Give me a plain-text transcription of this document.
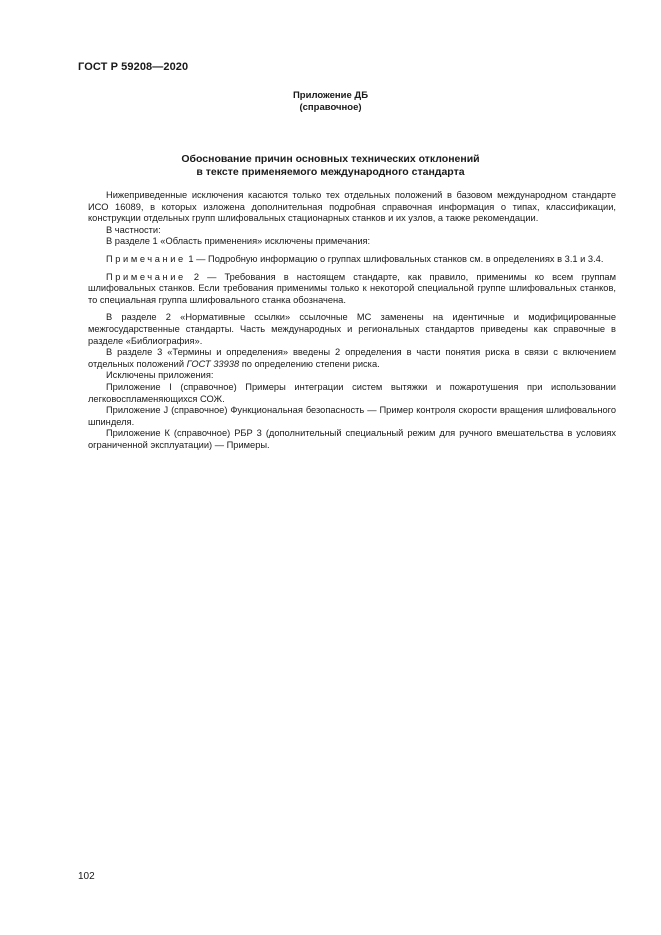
ГОСТ Р 59208—2020
Приложение ДБ
(справочное)
Обоснование причин основных технических отклонений
в тексте применяемого международного стандарта

Нижеприведенные исключения касаются только тех отдельных положений в базовом международном стандарте ИСО 16089, в которых изложена дополнительная подробная справочная информация о типах, классификации, конструкции отдельных групп шлифовальных стационарных станков и их узлов, а также рекомендации.

В частности:

В разделе 1 «Область применения» исключены примечания:

Примечание 1 — Подробную информацию о группах шлифовальных станков см. в определениях в 3.1 и 3.4.

Примечание 2 — Требования в настоящем стандарте, как правило, применимы ко всем группам шлифовальных станков. Если требования применимы только к некоторой специальной группе шлифовальных станков, то специальная группа шлифовального станка обозначена.

В разделе 2 «Нормативные ссылки» ссылочные МС заменены на идентичные и модифицированные межгосударственные стандарты. Часть международных и региональных стандартов приведены как справочные в разделе «Библиография».

В разделе 3 «Термины и определения» введены 2 определения в части понятия риска в связи с включением отдельных положений ГОСТ 33938 по определению степени риска.

Исключены приложения:

Приложение I (справочное) Примеры интеграции систем вытяжки и пожаротушения при использовании легковоспламеняющихся СОЖ.

Приложение J (справочное) Функциональная безопасность — Пример контроля скорости вращения шлифовального шпинделя.

Приложение К (справочное) РБР 3 (дополнительный специальный режим для ручного вмешательства в условиях ограниченной эксплуатации) — Примеры.

102
